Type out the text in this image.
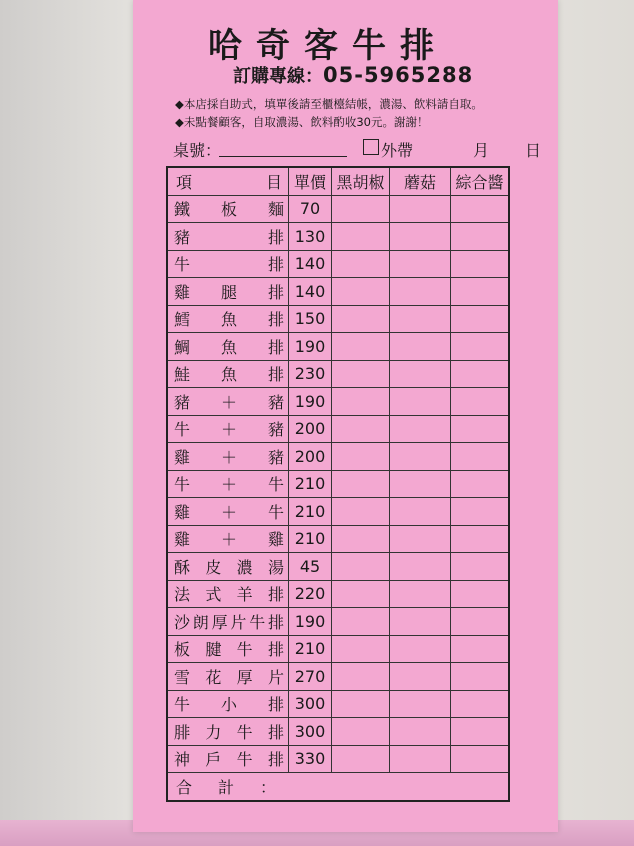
哈奇客牛排
訂購專線：05-5965288
◆本店採自助式，填單後請至櫃檯結帳，濃湯、飲料請自取。
◆未點餐顧客，自取濃湯、飲料酌收30元。謝謝！
桌號：	外帶	月 日
項目	單價	黑胡椒	蘑菇	綜合醬

鐵板麵	70			

豬排	130			

牛排	140			

雞腿排	140			

鱈魚排	150			

鯛魚排	190			

鮭魚排	230			

豬＋豬	190			

牛＋豬	200			

雞＋豬	200			

牛＋牛	210			

雞＋牛	210			

雞＋雞	210			

酥皮濃湯	45			

法式羊排	220			

沙朗厚片牛排	190			

板腱牛排	210			

雪花厚片	270			

牛小排	300			

腓力牛排	300			

神戶牛排	330			
合計：				
